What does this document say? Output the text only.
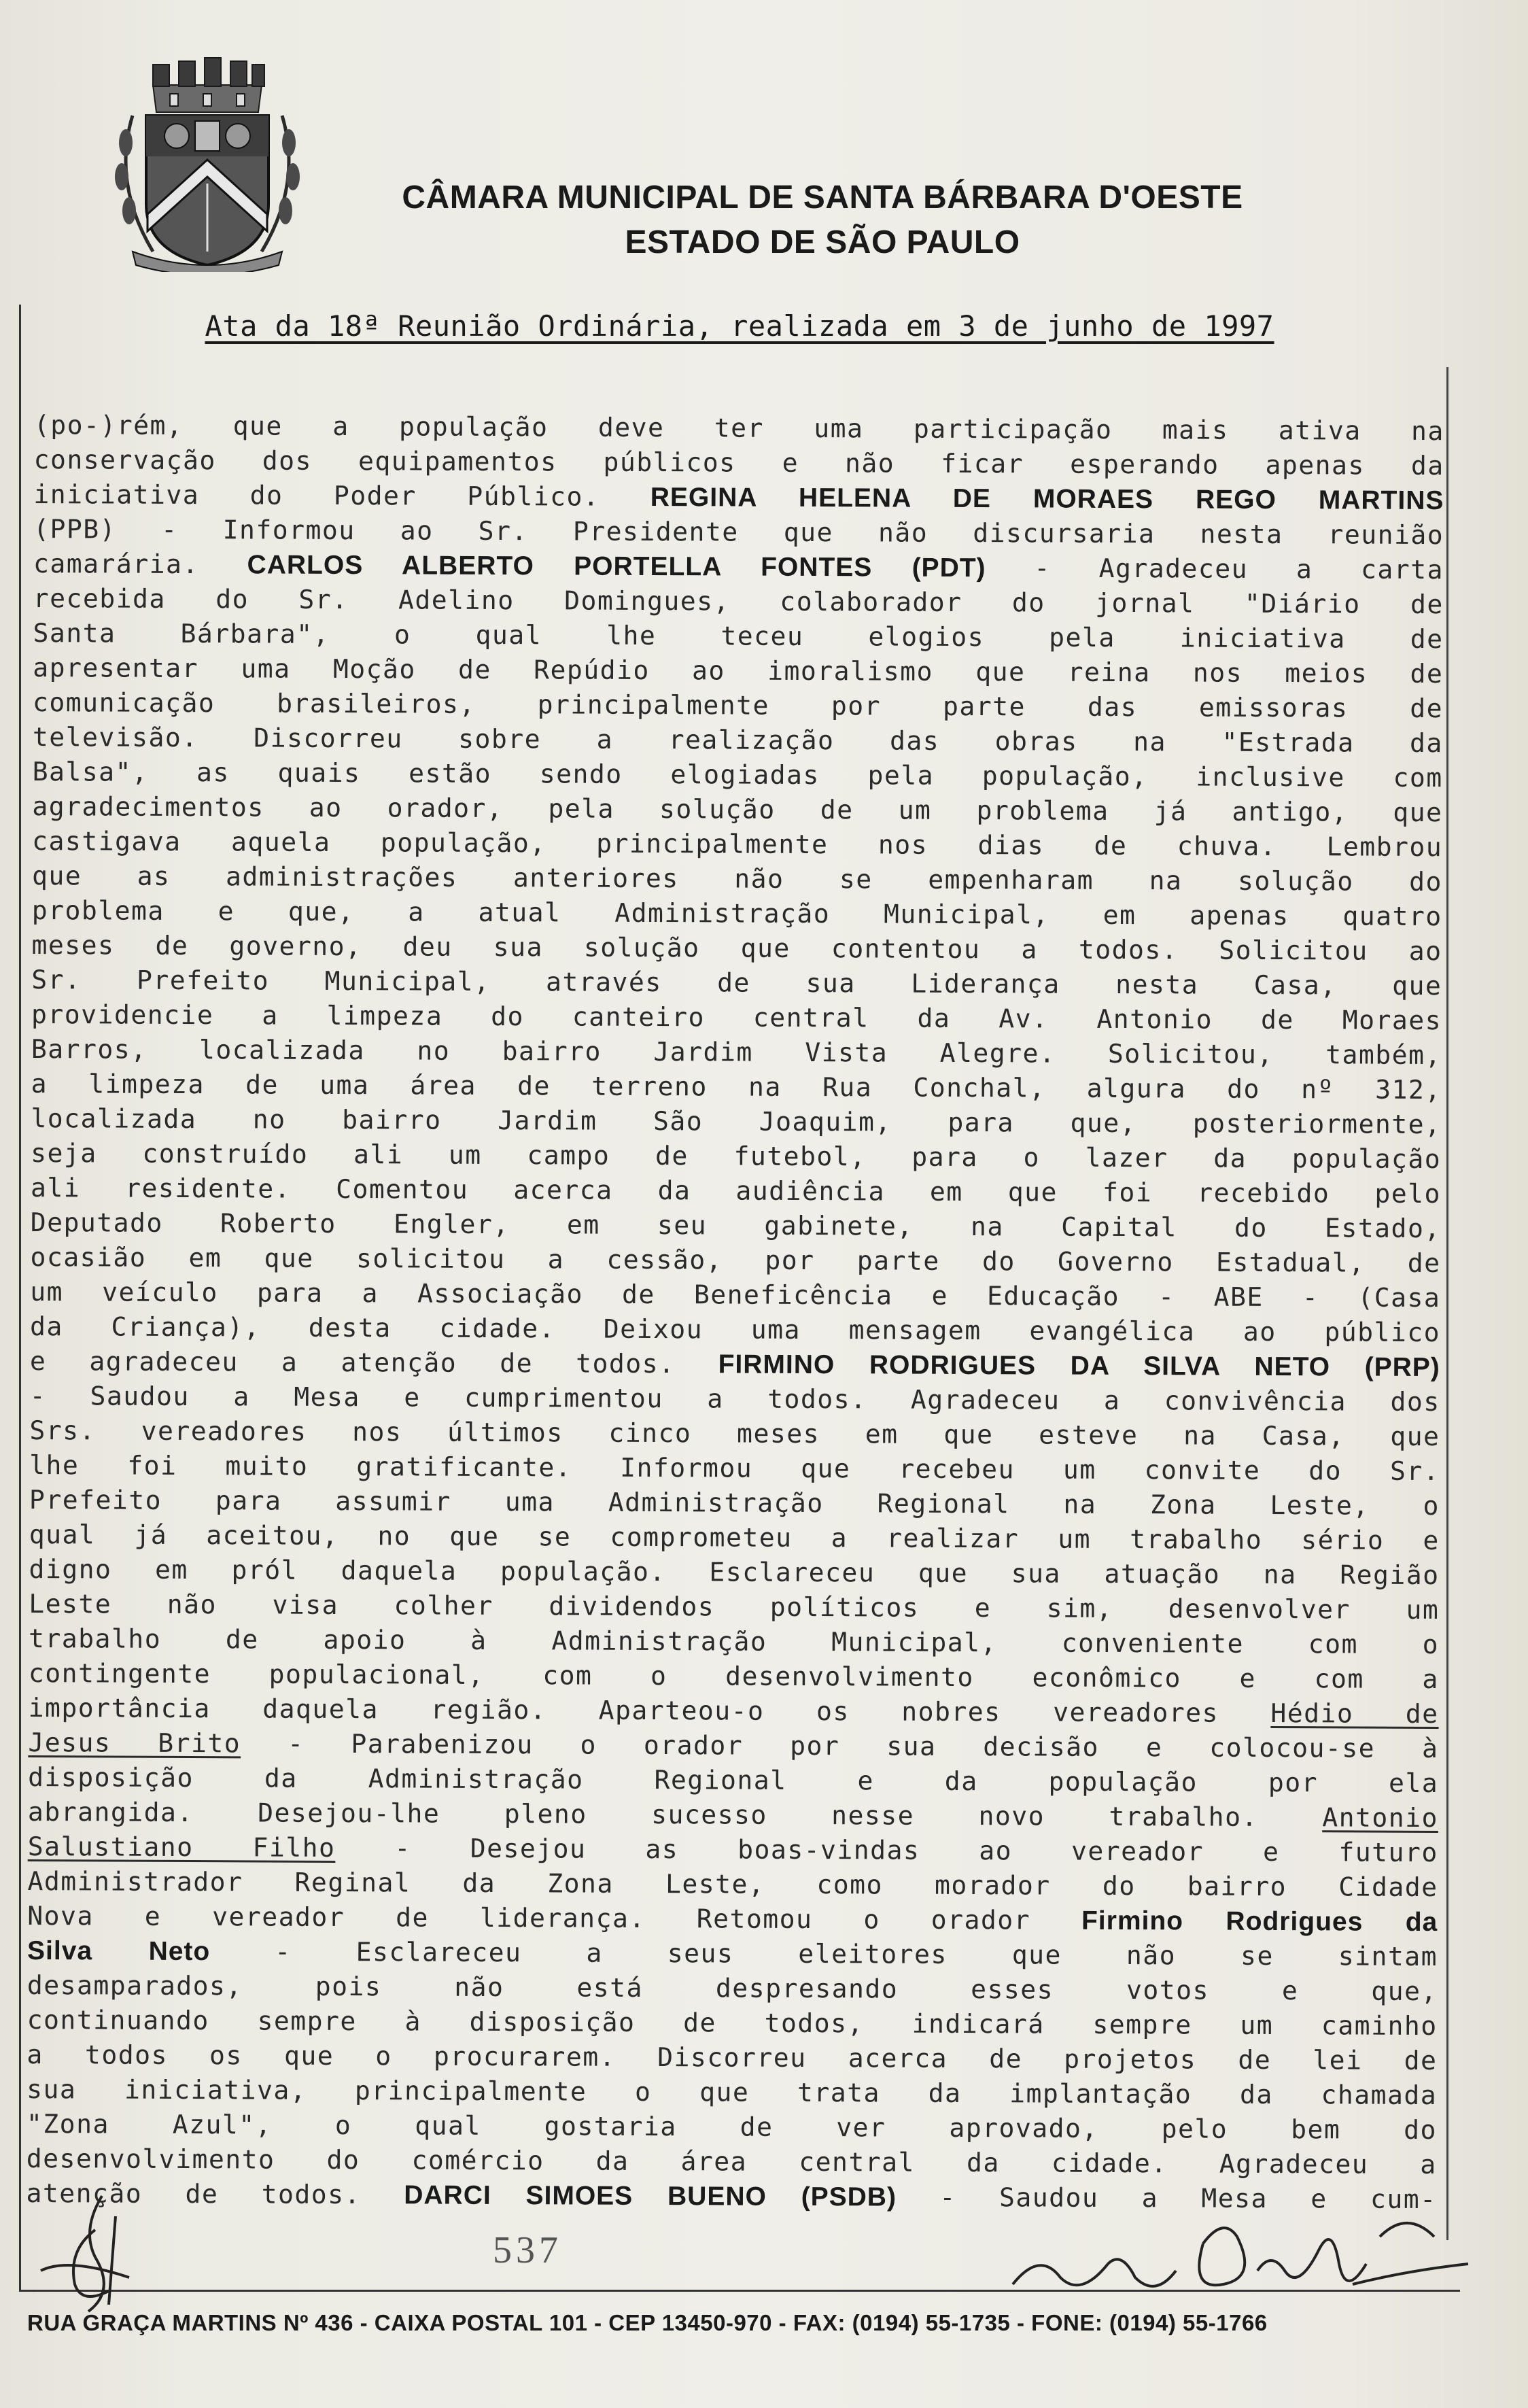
CÂMARA MUNICIPAL DE SANTA BÁRBARA D'OESTE
ESTADO DE SÃO PAULO
Ata da 18ª Reunião Ordinária, realizada em 3 de junho de 1997
(po-)rém, que a população deve ter uma participação mais ativa na
conservação dos equipamentos públicos e não ficar esperando apenas da
iniciativa do Poder Público. REGINA HELENA DE MORAES REGO MARTINS
(PPB) - Informou ao Sr. Presidente que não discursaria nesta reunião
camarária. CARLOS ALBERTO PORTELLA FONTES (PDT) - Agradeceu a carta
recebida do Sr. Adelino Domingues, colaborador do jornal "Diário de
Santa Bárbara", o qual lhe teceu elogios pela iniciativa de
apresentar uma Moção de Repúdio ao imoralismo que reina nos meios de
comunicação brasileiros, principalmente por parte das emissoras de
televisão. Discorreu sobre a realização das obras na "Estrada da
Balsa", as quais estão sendo elogiadas pela população, inclusive com
agradecimentos ao orador, pela solução de um problema já antigo, que
castigava aquela população, principalmente nos dias de chuva. Lembrou
que as administrações anteriores não se empenharam na solução do
problema e que, a atual Administração Municipal, em apenas quatro
meses de governo, deu sua solução que contentou a todos. Solicitou ao
Sr. Prefeito Municipal, através de sua Liderança nesta Casa, que
providencie a limpeza do canteiro central da Av. Antonio de Moraes
Barros, localizada no bairro Jardim Vista Alegre. Solicitou, também,
a limpeza de uma área de terreno na Rua Conchal, algura do nº 312,
localizada no bairro Jardim São Joaquim, para que, posteriormente,
seja construído ali um campo de futebol, para o lazer da população
ali residente. Comentou acerca da audiência em que foi recebido pelo
Deputado Roberto Engler, em seu gabinete, na Capital do Estado,
ocasião em que solicitou a cessão, por parte do Governo Estadual, de
um veículo para a Associação de Beneficência e Educação - ABE - (Casa
da Criança), desta cidade. Deixou uma mensagem evangélica ao público
e agradeceu a atenção de todos. FIRMINO RODRIGUES DA SILVA NETO (PRP)
- Saudou a Mesa e cumprimentou a todos. Agradeceu a convivência dos
Srs. vereadores nos últimos cinco meses em que esteve na Casa, que
lhe foi muito gratificante. Informou que recebeu um convite do Sr.
Prefeito para assumir uma Administração Regional na Zona Leste, o
qual já aceitou, no que se comprometeu a realizar um trabalho sério e
digno em pról daquela população. Esclareceu que sua atuação na Região
Leste não visa colher dividendos políticos e sim, desenvolver um
trabalho de apoio à Administração Municipal, conveniente com o
contingente populacional, com o desenvolvimento econômico e com a
importância daquela região. Aparteou-o os nobres vereadores Hédio de
Jesus Brito - Parabenizou o orador por sua decisão e colocou-se à
disposição da Administração Regional e da população por ela
abrangida. Desejou-lhe pleno sucesso nesse novo trabalho. Antonio
Salustiano Filho - Desejou as boas-vindas ao vereador e futuro
Administrador Reginal da Zona Leste, como morador do bairro Cidade
Nova e vereador de liderança. Retomou o orador Firmino Rodrigues da
Silva Neto - Esclareceu a seus eleitores que não se sintam
desamparados, pois não está despresando esses votos e que,
continuando sempre à disposição de todos, indicará sempre um caminho
a todos os que o procurarem. Discorreu acerca de projetos de lei de
sua iniciativa, principalmente o que trata da implantação da chamada
"Zona Azul", o qual gostaria de ver aprovado, pelo bem do
desenvolvimento do comércio da área central da cidade. Agradeceu a
atenção de todos. DARCI SIMOES BUENO (PSDB) - Saudou a Mesa e cum-
537
RUA GRAÇA MARTINS Nº 436 - CAIXA POSTAL 101 - CEP 13450-970 - FAX: (0194) 55-1735 - FONE: (0194) 55-1766
